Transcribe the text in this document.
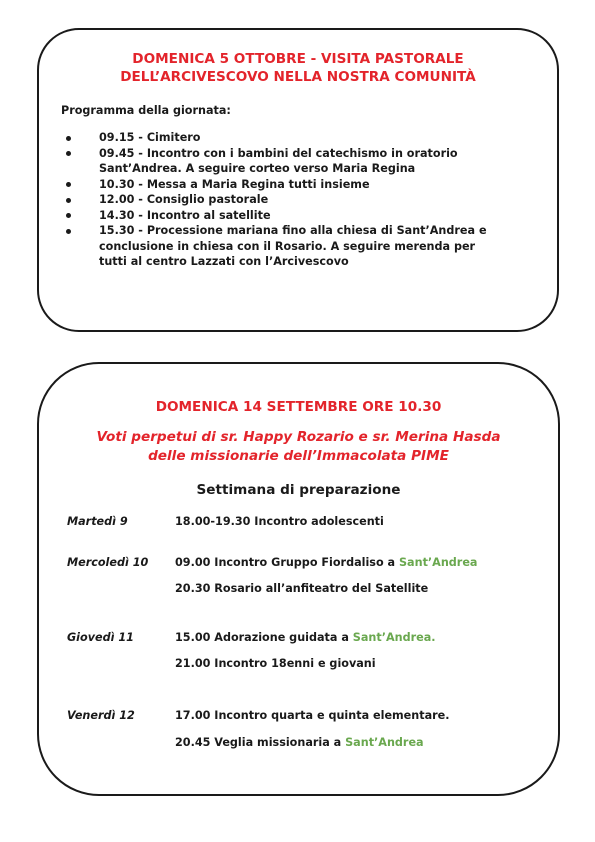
DOMENICA 5 OTTOBRE - VISITA PASTORALE
DELL’ARCIVESCOVO NELLA NOSTRA COMUNITÀ
Programma della giornata:
09.15 - Cimitero
09.45 - Incontro con i bambini del catechismo in oratorio
Sant’Andrea. A seguire corteo verso Maria Regina
10.30 - Messa a Maria Regina tutti insieme
12.00 - Consiglio pastorale
14.30 - Incontro al satellite
15.30 - Processione mariana fino alla chiesa di Sant’Andrea e
conclusione in chiesa con il Rosario. A seguire merenda per
tutti al centro Lazzati con l’Arcivescovo
DOMENICA 14 SETTEMBRE ORE 10.30
Voti perpetui di sr. Happy Rozario e sr. Merina Hasda
delle missionarie dell’Immacolata PIME
Settimana di preparazione
Martedì 9	18.00-19.30 Incontro adolescenti
Mercoledì 10 09.00 Incontro Gruppo Fiordaliso a Sant’Andrea
20.30 Rosario all’anfiteatro del Satellite
Giovedì 11	15.00 Adorazione guidata a Sant’Andrea.
21.00 Incontro 18enni e giovani
Venerdì 12	17.00 Incontro quarta e quinta elementare.
20.45 Veglia missionaria a Sant’Andrea
